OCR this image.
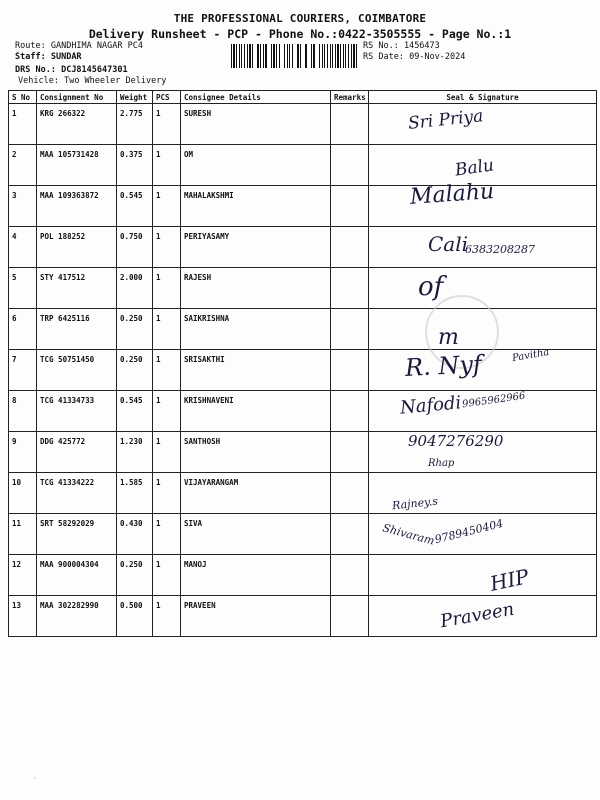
THE PROFESSIONAL COURIERS, COIMBATORE
Delivery Runsheet - PCP - Phone No.:0422-3505555 - Page No.:1
Route: GANDHIMA NAGAR PC4
Staff: SUNDAR
DRS No.: DCJ8145647301
Vehicle: Two Wheeler Delivery
RS No.: 1456473
RS Date: 09-Nov-2024
S No	Consignment No	Weight	PCS	Consignee Details	Remarks	Seal & Signature
1	KRG 266322	2.775	1	SURESH		
2	MAA 105731428	0.375	1	OM		
3	MAA 109363872	0.545	1	MAHALAKSHMI		
4	POL 188252	0.750	1	PERIYASAMY		
5	STY 417512	2.000	1	RAJESH		
6	TRP 6425116	0.250	1	SAIKRISHNA		
7	TCG 50751450	0.250	1	SRISAKTHI		
8	TCG 41334733	0.545	1	KRISHNAVENI		
9	DDG 425772	1.230	1	SANTHOSH		
10	TCG 41334222	1.585	1	VIJAYARANGAM		
11	SRT 58292029	0.430	1	SIVA		
12	MAA 900004304	0.250	1	MANOJ		
13	MAA 302282990	0.500	1	PRAVEEN		

Sri Priya
Balu
Malahu
Cali
6383208287
of
m
R. Nyf	Pavitha
Nafodi 9965962966
9047276290
Rhap
Rajney.s
Shivaram
9789450404
HIP
Praveen
·
